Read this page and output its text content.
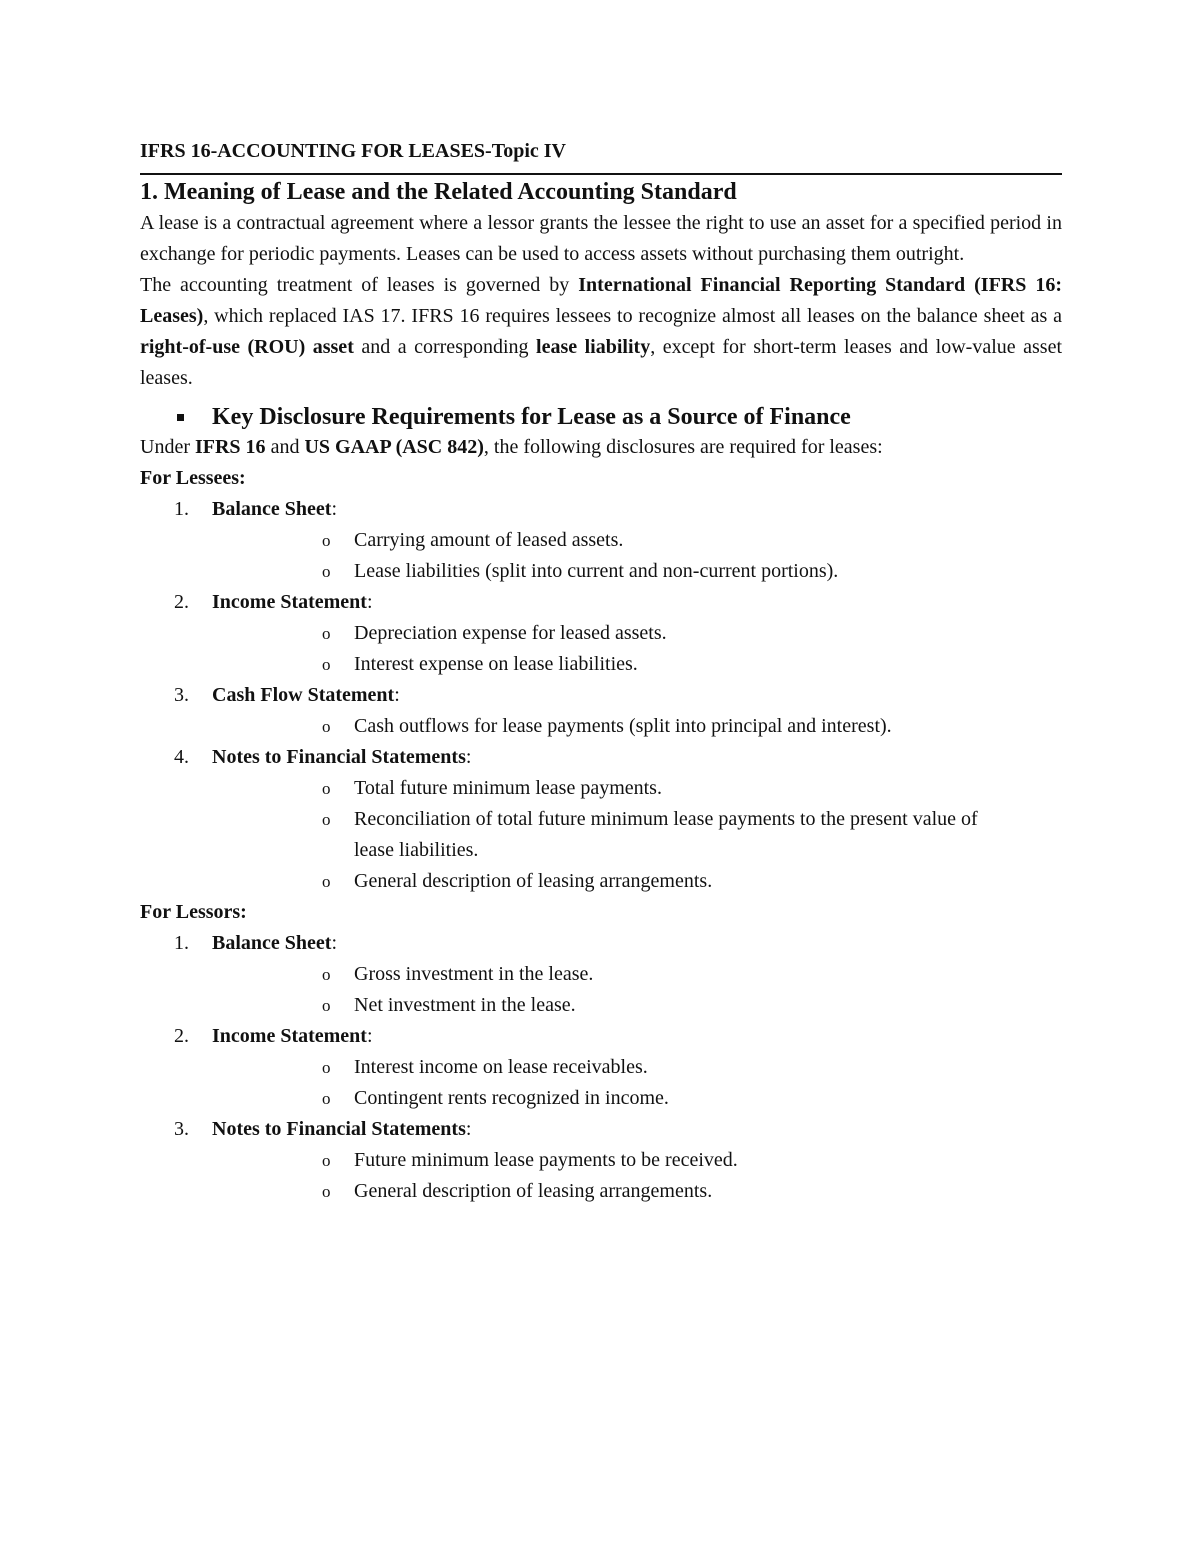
IFRS 16-ACCOUNTING FOR LEASES-Topic IV
1. Meaning of Lease and the Related Accounting Standard
A lease is a contractual agreement where a lessor grants the lessee the right to use an asset for a specified period in exchange for periodic payments. Leases can be used to access assets without purchasing them outright.
The accounting treatment of leases is governed by International Financial Reporting Standard (IFRS 16: Leases), which replaced IAS 17. IFRS 16 requires lessees to recognize almost all leases on the balance sheet as a right-of-use (ROU) asset and a corresponding lease liability, except for short-term leases and low-value asset leases.
Key Disclosure Requirements for Lease as a Source of Finance
Under IFRS 16 and US GAAP (ASC 842), the following disclosures are required for leases:
For Lessees:
1.	Balance Sheet:
o Carrying amount of leased assets.
o Lease liabilities (split into current and non-current portions).
2.	Income Statement:
o Depreciation expense for leased assets.
o Interest expense on lease liabilities.
3.	Cash Flow Statement:
o Cash outflows for lease payments (split into principal and interest).
4.	Notes to Financial Statements:
o Total future minimum lease payments.
o Reconciliation of total future minimum lease payments to the present value of lease liabilities.
o General description of leasing arrangements.
For Lessors:
1.	Balance Sheet:
o Gross investment in the lease.
o Net investment in the lease.
2.	Income Statement:
o Interest income on lease receivables.
o Contingent rents recognized in income.
3.	Notes to Financial Statements:
o Future minimum lease payments to be received.
o General description of leasing arrangements.
